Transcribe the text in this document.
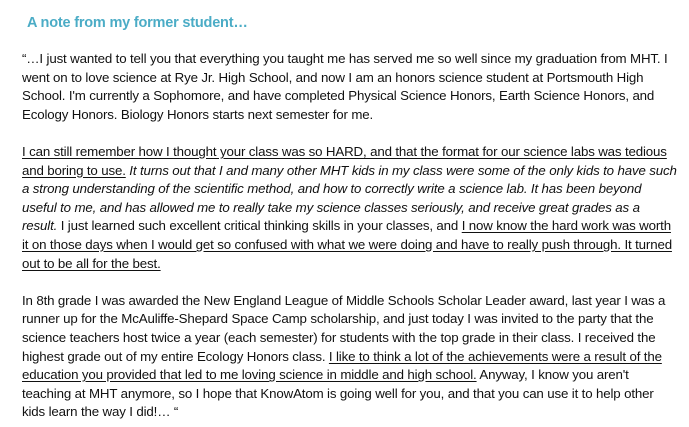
A note from my former student…

“…I just wanted to tell you that everything you taught me has served me so well since my graduation from MHT. I went on to love science at Rye Jr. High School, and now I am an honors science student at Portsmouth High School. I'm currently a Sophomore, and have completed Physical Science Honors, Earth Science Honors, and Ecology Honors. Biology Honors starts next semester for me.

I can still remember how I thought your class was so HARD, and that the format for our science labs was tedious and boring to use. It turns out that I and many other MHT kids in my class were some of the only kids to have such a strong understanding of the scientific method, and how to correctly write a science lab. It has been beyond useful to me, and has allowed me to really take my science classes seriously, and receive great grades as a result. I just learned such excellent critical thinking skills in your classes, and I now know the hard work was worth it on those days when I would get so confused with what we were doing and have to really push through. It turned out to be all for the best.

In 8th grade I was awarded the New England League of Middle Schools Scholar Leader award, last year I was a runner up for the McAuliffe-Shepard Space Camp scholarship, and just today I was invited to the party that the science teachers host twice a year (each semester) for students with the top grade in their class. I received the highest grade out of my entire Ecology Honors class. I like to think a lot of the achievements were a result of the education you provided that led to me loving science in middle and high school. Anyway, I know you aren't teaching at MHT anymore, so I hope that KnowAtom is going well for you, and that you can use it to help other kids learn the way I did!… “
